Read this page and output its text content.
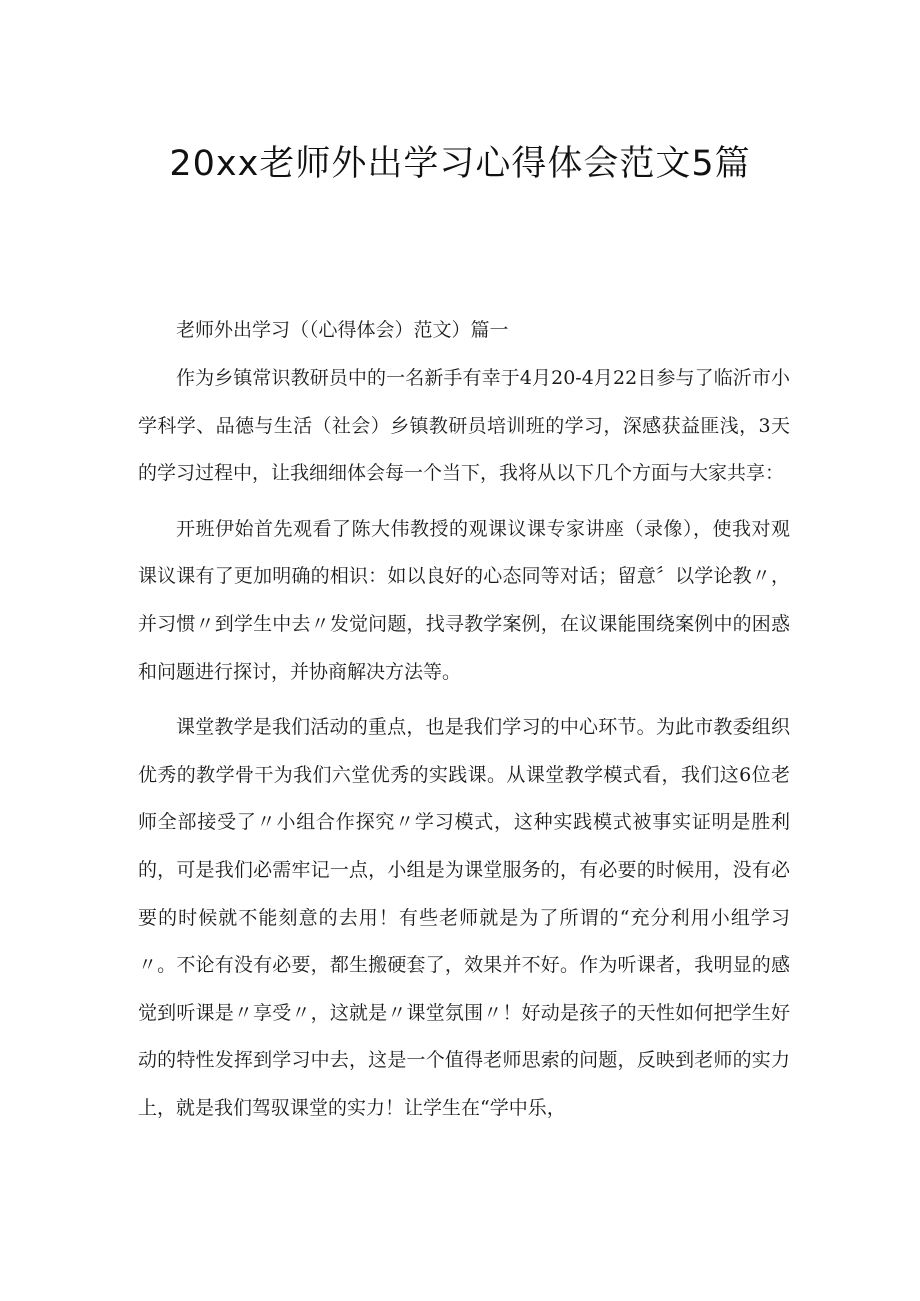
20xx老师外出学习心得体会范文5篇

老师外出学习（（心得体会）范文）篇一

作为乡镇常识教研员中的一名新手有幸于4月20-4月22日参与了临沂市小学科学、品德与生活（社会）乡镇教研员培训班的学习，深感获益匪浅，3天的学习过程中，让我细细体会每一个当下，我将从以下几个方面与大家共享：

开班伊始首先观看了陈大伟教授的观课议课专家讲座（录像），使我对观课议课有了更加明确的相识：如以良好的心态同等对话；留意〞以学论教〃，并习惯〃到学生中去〃发觉问题，找寻教学案例，在议课能围绕案例中的困惑和问题进行探讨，并协商解决方法等。

课堂教学是我们活动的重点，也是我们学习的中心环节。为此市教委组织优秀的教学骨干为我们六堂优秀的实践课。从课堂教学模式看，我们这6位老师全部接受了〃小组合作探究〃学习模式，这种实践模式被事实证明是胜利的，可是我们必需牢记一点，小组是为课堂服务的，有必要的时候用，没有必要的时候就不能刻意的去用！有些老师就是为了所谓的“充分利用小组学习〃。不论有没有必要，都生搬硬套了，效果并不好。作为听课者，我明显的感觉到听课是〃享受〃，这就是〃课堂氛围〃！好动是孩子的天性如何把学生好动的特性发挥到学习中去，这是一个值得老师思索的问题，反映到老师的实力上，就是我们驾驭课堂的实力！让学生在“学中乐，
